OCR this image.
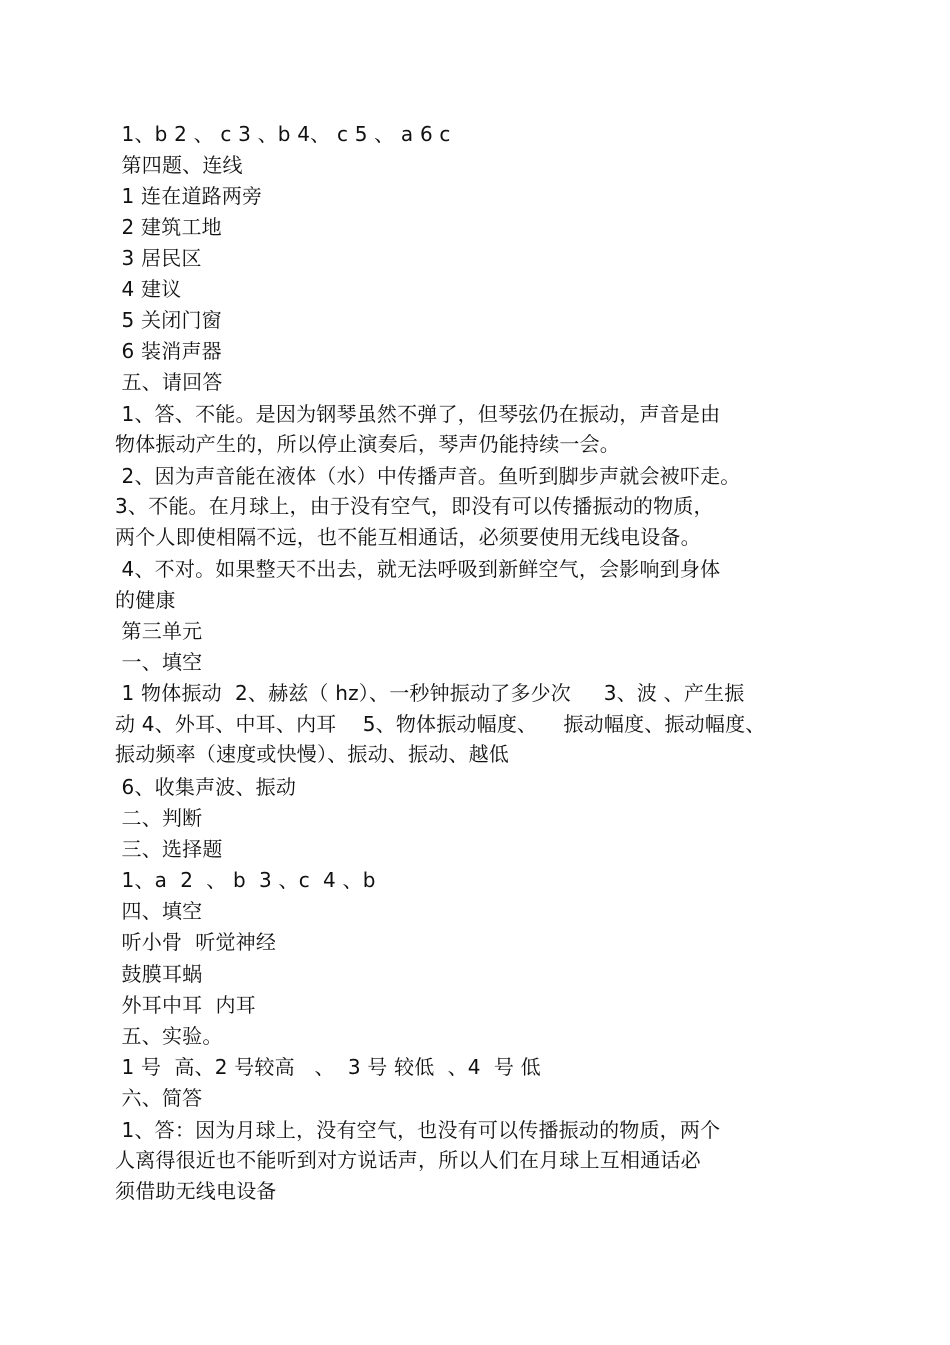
1、b 2 、 c 3 、b 4、 c 5 、 a 6 c

第四题、连线

1 连在道路两旁

2 建筑工地

3 居民区

4 建议

5 关闭门窗

6 装消声器

五、请回答

1、答、不能。是因为钢琴虽然不弹了，但琴弦仍在振动，声音是由

物体振动产生的，所以停止演奏后，琴声仍能持续一会。

2、因为声音能在液体（水）中传播声音。鱼听到脚步声就会被吓走。

3、不能。在月球上，由于没有空气，即没有可以传播振动的物质，

两个人即使相隔不远，也不能互相通话，必须要使用无线电设备。

4、不对。如果整天不出去，就无法呼吸到新鲜空气，会影响到身体

的健康

第三单元

一、填空

1 物体振动  2、赫兹（ hz）、一秒钟振动了多少次     3、波 、产生振

动 4、外耳、中耳、内耳    5、物体振动幅度、    振动幅度、振动幅度、

振动频率（速度或快慢）、振动、振动、越低

6、收集声波、振动

二、判断

三、选择题

1、a  2  、 b  3 、c  4 、b

四、填空

听小骨  听觉神经

鼓膜耳蜗

外耳中耳  内耳

五、实验。

1 号  高、2 号较高   、  3 号 较低  、4  号 低

六、简答

1、答：因为月球上，没有空气，也没有可以传播振动的物质，两个

人离得很近也不能听到对方说话声，所以人们在月球上互相通话必

须借助无线电设备
